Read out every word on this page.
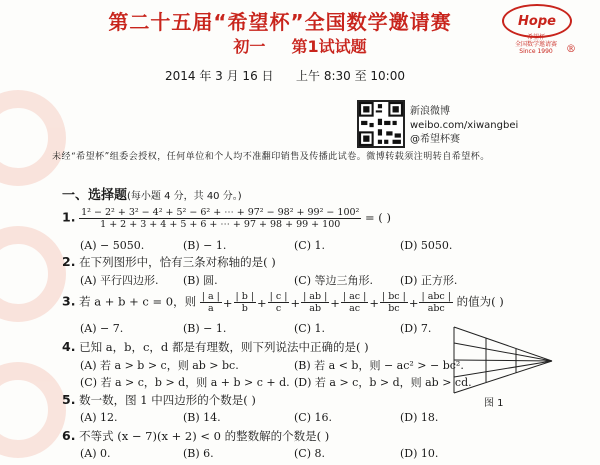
第二十五届“希望杯”全国数学邀请赛
初一 第1试试题
Hope
希望杯
全国数学邀请赛
Since 1990	®
2014 年 3 月 16 日 上午 8:30 至 10:00
新浪微博
weibo.com/xiwangbei
@希望杯赛
未经“希望杯”组委会授权，任何单位和个人均不准翻印销售及传播此试卷。微博转载须注明转自希望杯。
一、选择题(每小题 4 分，共 40 分。)
1. $\frac{\text{1² − 2² + 3² − 4² + 5² − 6² + ⋯ + 97² − 98² + 99² − 100²}}{1 + 2 + 3 + 4 + 5 + 6 + \cdots + 97 + 98 + 99 + 100}$ = ( )
(A) − 5050.	(B) − 1.	(C) 1.	(D) 5050.
2. 在下列图形中，恰有三条对称轴的是( )
(A) 平行四边形. (B) 圆.	(C) 等边三角形. (D) 正方形.
3. 若 a + b + c = 0，则 $\frac{| a |}{a} + \frac{| b |}{b} + \frac{| c |}{c} + \frac{| ab |}{ab} + \frac{| ac |}{ac} + \frac{| bc |}{bc} + \frac{\text{| abc |}}{\text{abc}}$ 的值为( )
(A) − 7.	(B) − 1.	(C) 1.	(D) 7.
4. 已知 a，b，c，d 都是有理数，则下列说法中正确的是( )
(A) 若 a > b > c，则 ab > bc.	(B) 若 a < b，则 − ac² > − bc².
(C) 若 a > c，b > d，则 a + b > c + d. (D) 若 a > c，b > d，则 ab > cd.
5. 数一数，图 1 中四边形的个数是( )
(A) 12.	(B) 14.	(C) 16.	(D) 18.
6. 不等式 (x − 7)(x + 2) < 0 的整数解的个数是( )
(A) 0.	(B) 6.	(C) 8.	(D) 10.
图 1
